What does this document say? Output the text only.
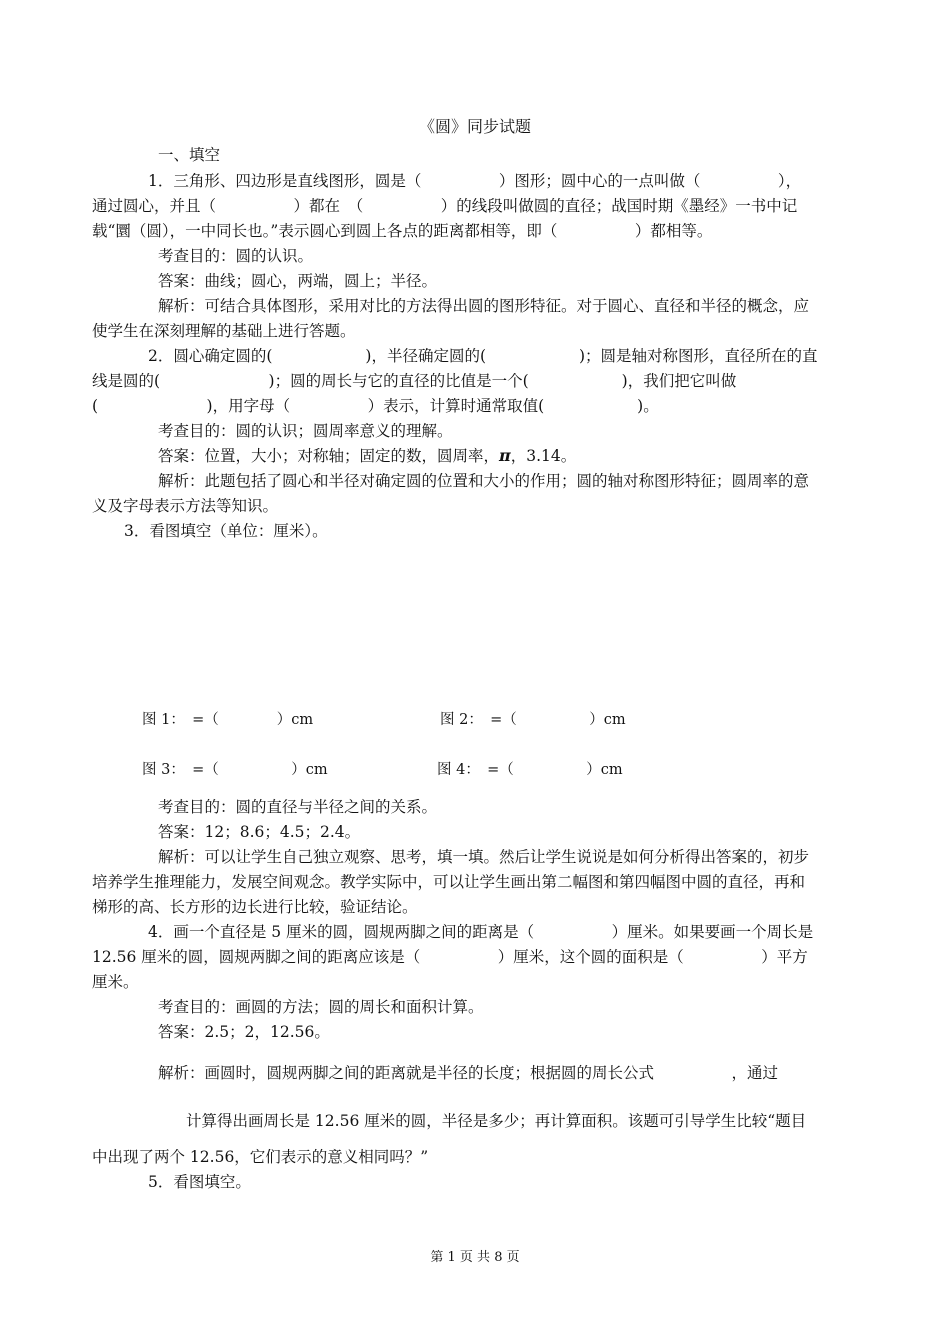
《圆》同步试题
一、填空
1．三角形、四边形是直线图形，圆是（　　　　　）图形；圆中心的一点叫做（　　　　　），
通过圆心，并且（　　　　　）都在　（　　　　　）的线段叫做圆的直径；战国时期《墨经》一书中记
载“圜（圆），一中同长也。”表示圆心到圆上各点的距离都相等，即（　　　　　）都相等。
考查目的：圆的认识。
答案：曲线；圆心，两端，圆上；半径。
解析：可结合具体图形，采用对比的方法得出圆的图形特征。对于圆心、直径和半径的概念，应
使学生在深刻理解的基础上进行答题。
2．圆心确定圆的(　　　　　　)，半径确定圆的(　　　　　　)；圆是轴对称图形，直径所在的直
线是圆的(　　　　　　　)；圆的周长与它的直径的比值是一个(　　　　　　)，我们把它叫做
(　　　　　　　)，用字母（　　　　　）表示，计算时通常取值(　　　　　　)。
考查目的：圆的认识；圆周率意义的理解。
答案：位置，大小；对称轴；固定的数，圆周率，π，3.14。
解析：此题包括了圆心和半径对确定圆的位置和大小的作用；圆的轴对称图形特征；圆周率的意
义及字母表示方法等知识。
3．看图填空（单位：厘米）。
图 1：　=（　　　　）cm	图 2：　=（　　　　　）cm
图 3：　=（　　　　　）cm	图 4：　=（　　　　　）cm
考查目的：圆的直径与半径之间的关系。
答案：12；8.6；4.5；2.4。
解析：可以让学生自己独立观察、思考，填一填。然后让学生说说是如何分析得出答案的，初步
培养学生推理能力，发展空间观念。教学实际中，可以让学生画出第二幅图和第四幅图中圆的直径，再和
梯形的高、长方形的边长进行比较，验证结论。
4．画一个直径是 5 厘米的圆，圆规两脚之间的距离是（　　　　　）厘米。如果要画一个周长是
12.56 厘米的圆，圆规两脚之间的距离应该是（　　　　　）厘米，这个圆的面积是（　　　　　）平方
厘米。
考查目的：画圆的方法；圆的周长和面积计算。
答案：2.5；2，12.56。
解析：画圆时，圆规两脚之间的距离就是半径的长度；根据圆的周长公式　　　　　，通过
计算得出画周长是 12.56 厘米的圆，半径是多少；再计算面积。该题可引导学生比较“题目
中出现了两个 12.56，它们表示的意义相同吗？”
5．看图填空。
第 1 页 共 8 页
